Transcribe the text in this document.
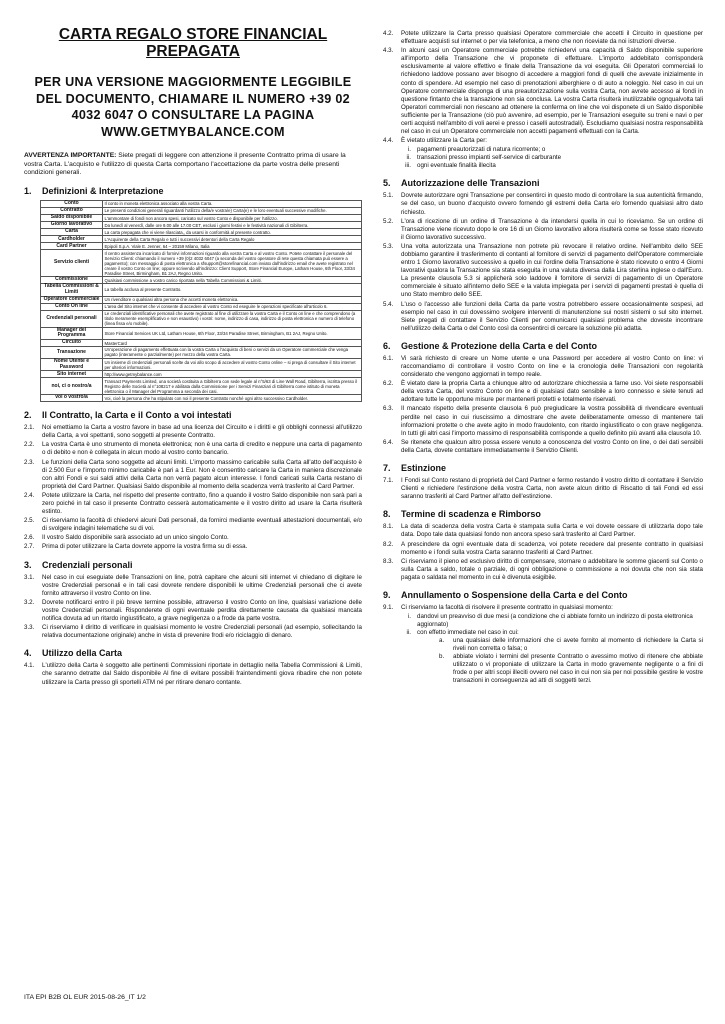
CARTA REGALO STORE FINANCIAL PREPAGATA

PER UNA VERSIONE MAGGIORMENTE LEGGIBILE DEL DOCUMENTO, CHIAMARE IL NUMERO +39 02 4032 6047 O CONSULTARE LA PAGINA WWW.GETMYBALANCE.COM

AVVERTENZA IMPORTANTE: Siete pregati di leggere con attenzione il presente Contratto prima di usare la vostra Carta. L'acquisto e l'utilizzo di questa Carta comportano l'accettazione da parte vostra delle presenti condizioni generali.

1.	Definizioni & Interpretazione
Conto	Il conto in moneta elettronica associato alla vostra Carta.
Contratto	Le presenti condizioni generali riguardanti l'utilizzo della/e vostra/e) Carta(e) e le loro eventuali successive modifiche.
Saldo disponibile	L'ammontare di fondi non ancora spesi, caricato sul vostro Conto e disponibile per l'utilizzo.
Giorno lavorativo	Da lunedì al venerdì, dalle ore 9.00 alle 17.00 CET, esclusi i giorni festivi e le festività nazionali di Gibilterra.
Carta	La carta prepagata che vi viene rilasciata,, da usarsi in conformità al presente contratto.
Cardholder	L'Acquirente della Carta Regalo e tutti i successivi detentori della Carta Regalo
Card Partner	Epipoli S.p.A. Viale E. Jenner, 64 – 20159 Milano, Italia
Servizio clienti	Il centro assistenza incaricato di fornirvi informazioni riguardo alla vostra Carta e al vostro Conto. Potete contattare il personale del Servizio Clienti: chiamando il numero +39 (0)2 4032 6047 (a seconda del vostro operatore di rete questa chiamata può essere a pagamento); con messaggio di posta elettronica a sfsupport@storefinancial.com inviato dall'indirizzo email che avete registrato nel creare il vostro Conto on line; oppure scrivendo all'indirizzo: Client Support, Store Financial Europe, Latham House, 6th Floor, 33/34 Paradise Street, Birmingham, B1 2AJ, Regno Unito.
Commissione	Qualsiasi commissione a vostro carico riportata nella Tabella Commissioni & Limiti.
Tabella Commissioni & Limiti	La tabella acclusa al presente Contratto.
Operatore commerciale	Un rivenditore o qualsiasi altra persona che accetti moneta elettronica.
Conto On line	L'area del Sito internet che vi consente di accedere al vostro Conto ed eseguire le operazioni specificate all'articolo 6.
Credenziali personali	Le credenziali identificative personali che avete registrato al fine di utilizzare la vostra Carta e il Conto on line e che comprendono (a titolo meramente esemplificativo e non esaustivo) i vostri: nome, indirizzo di casa, indirizzo di posta elettronica e numero di telefono (linea fissa e/o mobile).
Manager del Programma	Store Financial Services UK Ltd, Latham House, 6th Floor, 33/34 Paradise Street, Birmingham, B1 2AJ, Regno Unito.
Circuito	MasterCard
Transazione	Un'operazione di pagamento effettuata con la vostra Carta o l'acquisto di beni o servizi da un Operatore commerciale che venga pagato (interamente o parzialmente) per mezzo della vostra Carta.
Nome Utente e Password	Un insieme di credenziali personali scelte da voi allo scopo di accedere al vostro Conto online – si prega di consultare il Sito internet per ulteriori informazioni.
Sito internet	http://www.getmybalance.com
noi, ci o nostro/a	Transact Payments Limited, una società costituita a Gibilterra con sede legale al n°5/63 di Line Wall Road, Gibilterra, iscritta presso il Registro delle Società al n°108217 e abilitata dalla Commissione per i Servizi Finanziari di Gibilterra come istituto di moneta elettronica o il Manager del Programma a seconda dei casi.
voi o vostro/a	Voi, cioè la persona che ha stipulato con noi il presente Contratto nonché ogni altro successivo Cardholder.
2.	Il Contratto, la Carta e il Conto a voi intestati
2.1.	Noi emettiamo la Carta a vostro favore in base ad una licenza del Circuito e i diritti e gli obblighi connessi all'utilizzo della Carta, a voi spettanti, sono soggetti al presente Contratto.
2.2.	La vostra Carta è uno strumento di moneta elettronica; non è una carta di credito e neppure una carta di pagamento o di debito e non è collegata in alcun modo al vostro conto bancario.
2.3.	Le funzioni della Carta sono soggette ad alcuni limiti. L'importo massimo caricabile sulla Carta all'atto dell'acquisto è di 2.500 Eur e l'importo minimo caricabile è pari a 1 Eur. Non è consentito caricare la Carta in maniera discrezionale con altri Fondi e sui saldi attivi della Carta non verrà pagato alcun interesse. I fondi caricati sulla Carta restano di proprietà del Card Partner. Qualsiasi Saldo disponibile al momento della scadenza verrà trasferito al Card Partner.
2.4.	Potete utilizzare la Carta, nel rispetto del presente contratto, fino a quando il vostro Saldo disponibile non sarà pari a zero poiché in tal caso il presente Contratto cesserà automaticamente e il vostro diritto ad usare la Carta risulterà estinto.
2.5.	Ci riserviamo la facoltà di chiedervi alcuni Dati personali, da fornirci mediante eventuali attestazioni documentali, e/o di svolgere indagini telematiche su di voi.
2.6.	Il vostro Saldo disponibile sarà associato ad un unico singolo Conto.
2.7.	Prima di poter utilizzare la Carta dovrete apporre la vostra firma su di essa.
3.	Credenziali personali
3.1.	Nel caso in cui eseguiate delle Transazioni on line, potrà capitare che alcuni siti internet vi chiedano di digitare le vostre Credenziali personali e in tali casi dovrete rendere disponibili le ultime Credenziali personali che ci avete fornito attraverso il vostro Conto on line.
3.2.	Dovrete notificarci entro il più breve termine possibile, attraverso il vostro Conto on line, qualsiasi variazione delle vostre Credenziali personali. Risponderete di ogni eventuale perdita direttamente causata da qualsiasi mancata notifica dovuta ad un ritardo ingiustificato, a grave negligenza o a frode da parte vostra.
3.3.	Ci riserviamo il diritto di verificare in qualsiasi momento le vostre Credenziali personali (ad esempio, sollecitando la relativa documentazione originale) anche in vista di prevenire frodi e/o riciclaggio di denaro.
4.	Utilizzo della Carta
4.1.	L'utilizzo della Carta è soggetto alle pertinenti Commissioni riportate in dettaglio nella Tabella Commissioni & Limiti, che saranno detratte dal Saldo disponibile Al fine di evitare possibili fraintendimenti giova ribadire che non potete utilizzare la Carta presso gli sportelli ATM né per ritirare denaro contante.
4.2.	Potete utilizzare la Carta presso qualsiasi Operatore commerciale che accetti il Circuito in questione per effettuare acquisti sul internet o per via telefonica, a meno che non riceviate da noi istruzioni diverse.
4.3.	In alcuni casi un Operatore commerciale potrebbe richiedervi una capacità di Saldo disponibile superiore all'importo della Transazione che vi proponete di effettuare. L'importo addebitato corrisponderà esclusivamente al valore effettivo e finale della Transazione da voi eseguita. Gli Operatori commerciali lo richiedono laddove possano aver bisogno di accedere a maggiori fondi di quelli che avevate inizialmente in conto di spendere. Ad esempio nel caso di prenotazioni alberghiere o di auto a noleggio. Nel caso in cui un Operatore commerciale disponga di una preautorizzazione sulla vostra Carta, non avrete accesso ai fondi in questione fintanto che la transazione non sia conclusa. La vostra Carta risulterà inutilizzabile ognqualvolta tali Operatori commerciali non riescano ad ottenere la conferma on line che voi disponete di un Saldo disponibile sufficiente per la Transazione (ciò può avvenire, ad esempio, per le Transazioni eseguite su treni e navi o per certi acquisti nell'ambito di voli aerei e presso i caselli autostradali). Escludiamo qualsiasi nostra responsabilità nel caso in cui un Operatore commerciale non accetti pagamenti effettuati con la Carta.
4.4.	È vietato utilizzare la Carta per:
i. pagamenti preautorizzati di natura ricorrente; o
ii. transazioni presso impianti self-service di carburante
iii. ogni eventuale finalità illecita
5.	Autorizzazione delle Transazioni
5.1.	Dovrete autorizzare ogni Transazione per consentirci in questo modo di controllare la sua autenticità firmando, se del caso, un buono d'acquisto ovvero fornendo gli estremi della Carta e/o fornendo qualsiasi altro dato richiesto.
5.2.	L'ora di ricezione di un ordine di Transazione è da intendersi quella in cui lo riceviamo. Se un ordine di Transazione viene ricevuto dopo le ore 16 di un Giorno lavorativo allora risulterà come se fosse stato ricevuto il Giorno lavorativo successivo.
5.3.	Una volta autorizzata una Transazione non potrete più revocare il relativo ordine. Nell'ambito dello SEE dobbiamo garantire il trasferimento di contanti al fornitore di servizi di pagamento dell'Operatore commerciale entro 1 Giorno lavorativo successivo a quello in cui l'ordine della Transazione è stato ricevuto o entro 4 Giorni lavorativi qualora la Transazione sia stata eseguita in una valuta diversa dalla Lira sterlina inglese o dall'Euro. La presente clausola 5.3 si applicherà solo laddove il fornitore di servizi di pagamento di un Operatore commerciale è situato all'interno dello SEE e la valuta impiegata per i servizi di pagamenti prestati è quella di uno Stato membro dello SEE.
5.4.	L'uso o l'accesso alle funzioni della Carta da parte vostra potrebbero essere occasionalmente sospesi, ad esempio nel caso in cui dovessimo svolgere interventi di manutenzione sui nostri sistemi o sul sito internet. Siete pregati di contattare il Servizio Clienti per comunicarci qualsiasi problema che doveste incontrare nell'utilizzo della Carta o del Conto così da consentirci di cercare la soluzione più adatta.
6.	Gestione & Protezione della Carta e del Conto
6.1.	Vi sarà richiesto di creare un Nome utente e una Password per accedere al vostro Conto on line: vi raccomandiamo di controllare il vostro Conto on line e la cronologia delle Transazioni con regolarità considerato che vengono aggiornati in tempo reale.
6.2.	È vietato dare la propria Carta a chiunque altro od autorizzare chicchessia a farne uso. Voi siete responsabili della vostra Carta, del vostro Conto on line e di qualsiasi dato sensibile a loro connesso e siete tenuti ad adottare tutte le opportune misure per mantenerli protetti e totalmente riservati.
6.3.	Il mancato rispetto della presente clausola 6 può pregiudicare la vostra possibilità di rivendicare eventuali perdite nel caso in cui riuscissimo a dimostrare che avete deliberatamente omesso di mantenere tali informazioni protette o che avete agito in modo fraudolento, con ritardo ingiustificato o con grave negligenza. In tutti gli altri casi l'importo massimo di responsabilità corrisponde a quello definito più avanti alla clausola 10.
6.4.	Se ritenete che qualcun altro possa essere venuto a conoscenza del vostro Conto on line, o dei dati sensibili della Carta, dovete contattare immediatamente il Servizio Clienti.
7.	Estinzione
7.1.	I Fondi sul Conto restano di proprietà del Card Partner e fermo restando il vostro diritto di contattare il Servizio Clienti e richiedere l'estinzione della vostra Carta, non avete alcun diritto di Riscatto di tali Fondi ed essi saranno trasferiti al Card Partner all'atto dell'estinzione.
8.	Termine di scadenza e Rimborso
8.1.	La data di scadenza della vostra Carta è stampata sulla Carta e voi dovete cessare di utilizzarla dopo tale data. Dopo tale data qualsiasi fondo non ancora speso sarà trasferito al Card Partner.
8.2.	A prescindere da ogni eventuale data di scadenza, voi potete recedere dal presente contratto in qualsiasi momento e i fondi sulla vostra Carta saranno trasferiti al Card Partner.
8.3.	Ci riserviamo il pieno ed esclusivo diritto di compensare, stornare o addebitare le somme giacenti sul Conto o sulla Carta a saldo, totale o parziale, di ogni obbligazione o commissione a noi dovuta che non sia stata pagata o saldata nel momento in cui è divenuta esigibile.
9.	Annullamento o Sospensione della Carta e del Conto
9.1.	Ci riserviamo la facoltà di risolvere il presente contratto in qualsiasi momento:
i. dandovi un preavviso di due mesi (a condizione che ci abbiate fornito un indirizzo di posta elettronica aggiornato)
ii. con effetto immediate nel caso in cui:
a.	una qualsiasi delle informazioni che ci avete fornito al momento di richiedere la Carta si riveli non corretta o falsa; o
b.	abbiate violato i termini del presente Contratto o avessimo motivo di ritenere che abbiate utilizzato o vi proponiate di utilizzare la Carta in modo gravemente negligente o a fini di frode o per altri scopi illeciti ovvero nel caso in cui non sia per noi possibile gestire le vostre transazioni in conseguenza ad atti di soggetti terzi.
ITA EPI B2B OL EUR 2015-08-26_IT 1/2
